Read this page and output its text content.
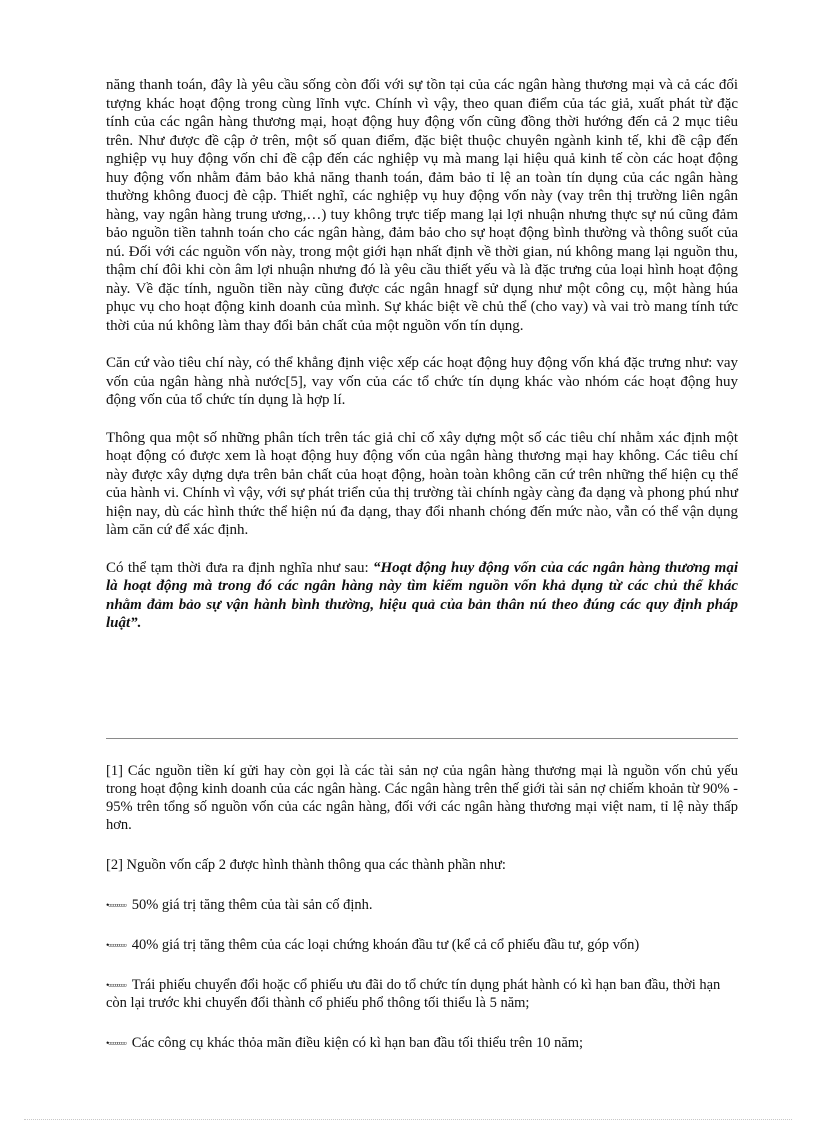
năng thanh toán, đây là yêu cầu sống còn đối với sự tồn tại của các ngân hàng thương mại và cả các đối tượng khác hoạt động trong cùng lĩnh vực. Chính vì vậy, theo quan điểm của tác giả, xuất phát từ đặc tính của các ngân hàng thương mại, hoạt động huy động vốn cũng đồng thời hướng đến cả 2 mục tiêu trên. Như được đề cập ở trên, một số quan điểm, đặc biệt thuộc chuyên ngành kinh tế, khi đề cập đến nghiệp vụ huy động vốn chỉ đề cập đến các nghiệp vụ mà mang lại hiệu quả kinh tế còn các hoạt động huy động vốn nhằm đảm bảo khả năng thanh toán, đảm bảo tỉ lệ an toàn tín dụng của các ngân hàng thường không đuocj đè cập. Thiết nghĩ, các nghiệp vụ huy động vốn này (vay trên thị trường liên ngân hàng, vay ngân hàng trung ương,…) tuy không trực tiếp mang lại lợi nhuận nhưng thực sự nú cũng đảm bảo nguồn tiền tahnh toán cho các ngân hàng, đảm bảo cho sự hoạt động bình thường và thông suốt của nú. Đối với các nguồn vốn này, trong một giới hạn nhất định về thời gian, nú không mang lại nguồn thu, thậm chí đôi khi còn âm lợi nhuận nhưng đó là yêu cầu thiết yếu và là đặc trưng của loại hình hoạt động này. Về đặc tính, nguồn tiền này cũng được các ngân hnagf sử dụng như một công cụ, một hàng húa phục vụ cho hoạt động kinh doanh của mình. Sự khác biệt về chủ thể (cho vay) và vai trò mang tính tức thời của nú không làm thay đổi bản chất của một nguồn vốn tín dụng.

Căn cứ vào tiêu chí này, có thể khẳng định việc xếp các hoạt động huy động vốn khá đặc trưng như: vay vốn của ngân hàng nhà nước[5], vay vốn của các tổ chức tín dụng khác vào nhóm các hoạt động huy động vốn của tổ chức tín dụng là hợp lí.

Thông qua một số những phân tích trên tác giả chỉ cố xây dựng một số các tiêu chí nhằm xác định một hoạt động có được xem là hoạt động huy động vốn của ngân hàng thương mại hay không. Các tiêu chí này được xây dựng dựa trên bản chất của hoạt động, hoàn toàn không căn cứ trên những thể hiện cụ thể của hành vi. Chính vì vậy, với sự phát triển của thị trường tài chính ngày càng đa dạng và phong phú như hiện nay, dù các hình thức thể hiện nú đa dạng, thay đổi nhanh chóng đến mức nào, vẫn có thể vận dụng làm căn cứ để xác định.

Có thể tạm thời đưa ra định nghĩa như sau: “Hoạt động huy động vốn của các ngân hàng thương mại là hoạt động mà trong đó các ngân hàng này tìm kiếm nguồn vốn khả dụng từ các chủ thể khác nhằm đảm bảo sự vận hành bình thường, hiệu quả của bản thân nú theo đúng các quy định pháp luật”.

[1] Các nguồn tiền kí gửi hay còn gọi là các tài sản nợ của ngân hàng thương mại là nguồn vốn chủ yếu trong hoạt động kinh doanh của các ngân hàng. Các ngân hàng trên thế giới tài sản nợ chiếm khoản từ 90% - 95% trên tổng số nguồn vốn của các ngân hàng, đối với các ngân hàng thương mại việt nam, tỉ lệ này thấp hơn.

[2] Nguồn vốn cấp 2 được hình thành thông qua các thành phần như:

•▫▫▫▫▫▫▫▫ 50% giá trị tăng thêm của tài sản cố định.

•▫▫▫▫▫▫▫▫ 40% giá trị tăng thêm của các loại chứng khoán đầu tư (kể cả cổ phiếu đầu tư, góp vốn)

•▫▫▫▫▫▫▫▫ Trái phiếu chuyển đổi hoặc cổ phiếu ưu đãi do tổ chức tín dụng phát hành có kì hạn ban đầu, thời hạn còn lại trước khi chuyển đổi thành cổ phiếu phổ thông tối thiểu là 5 năm;

•▫▫▫▫▫▫▫▫ Các công cụ khác thỏa mãn điều kiện có kì hạn ban đầu tối thiểu trên 10 năm;
